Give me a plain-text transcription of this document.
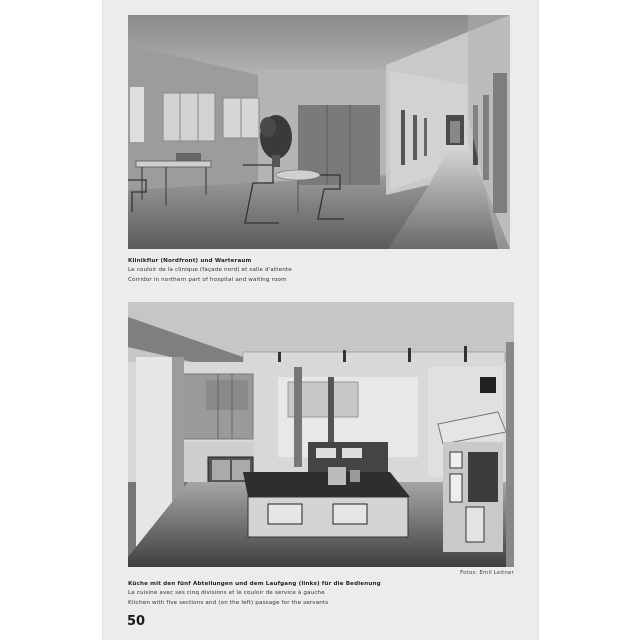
Klinikflur (Nordfront) und Warteraum
Le couloir de la clinique (façade nord) et salle d'attente
Corridor in northern part of hospital and waiting room
Fotos: Emil Leitner
Küche mit den fünf Abteilungen und dem Laufgang (links) für die Bedienung
La cuisine avec ses cinq divisions et le couloir de service à gauche
Kitchen with five sections and (on the left) passage for the servants
50
